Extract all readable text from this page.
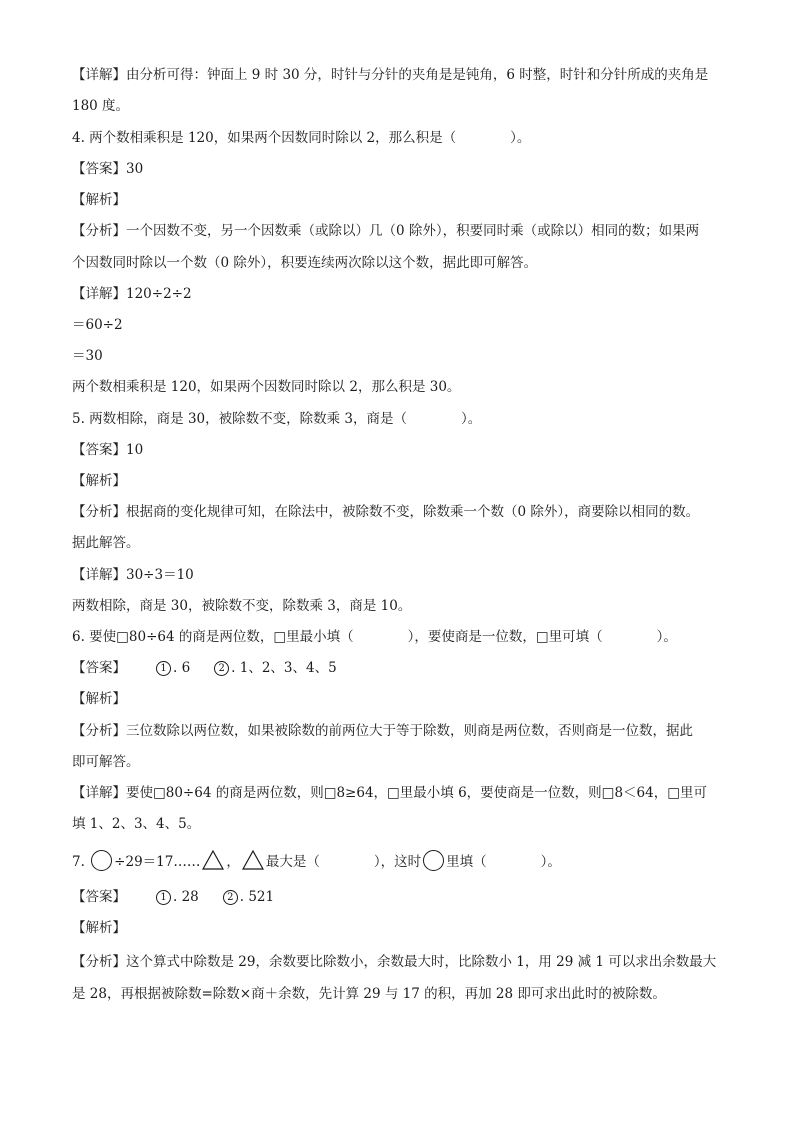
【详解】由分析可得：钟面上 9 时 30 分，时针与分针的夹角是是钝角，6 时整，时针和分针所成的夹角是
180 度。
4. 两个数相乘积是 120，如果两个因数同时除以 2，那么积是（　　　　）。
【答案】30
【解析】
【分析】一个因数不变，另一个因数乘（或除以）几（0 除外），积要同时乘（或除以）相同的数；如果两
个因数同时除以一个数（0 除外），积要连续两次除以这个数，据此即可解答。
【详解】120÷2÷2
＝60÷2
＝30
两个数相乘积是 120，如果两个因数同时除以 2，那么积是 30。
5. 两数相除，商是 30，被除数不变，除数乘 3，商是（　　　　）。
【答案】10
【解析】
【分析】根据商的变化规律可知，在除法中，被除数不变，除数乘一个数（0 除外），商要除以相同的数。
据此解答。
【详解】30÷3＝10
两数相除，商是 30，被除数不变，除数乘 3，商是 10。
6. 要使□80÷64 的商是两位数，□里最小填（　　　　），要使商是一位数，□里可填（　　　　）。
【答案】	1 . 6	2 . 1、2、3、4、5
【解析】
【分析】三位数除以两位数，如果被除数的前两位大于等于除数，则商是两位数，否则商是一位数，据此
即可解答。
【详解】要使□80÷64 的商是两位数，则□8≥64，□里最小填 6，要使商是一位数，则□8＜64，□里可
填 1、2、3、4、5。
7. ÷29＝17…… ， 最大是（　　　　），这时 里填（　　　　）。
【答案】	1 . 28	2 . 521
【解析】
【分析】这个算式中除数是 29，余数要比除数小，余数最大时，比除数小 1，用 29 减 1 可以求出余数最大
是 28，再根据被除数=除数×商＋余数，先计算 29 与 17 的积，再加 28 即可求出此时的被除数。
